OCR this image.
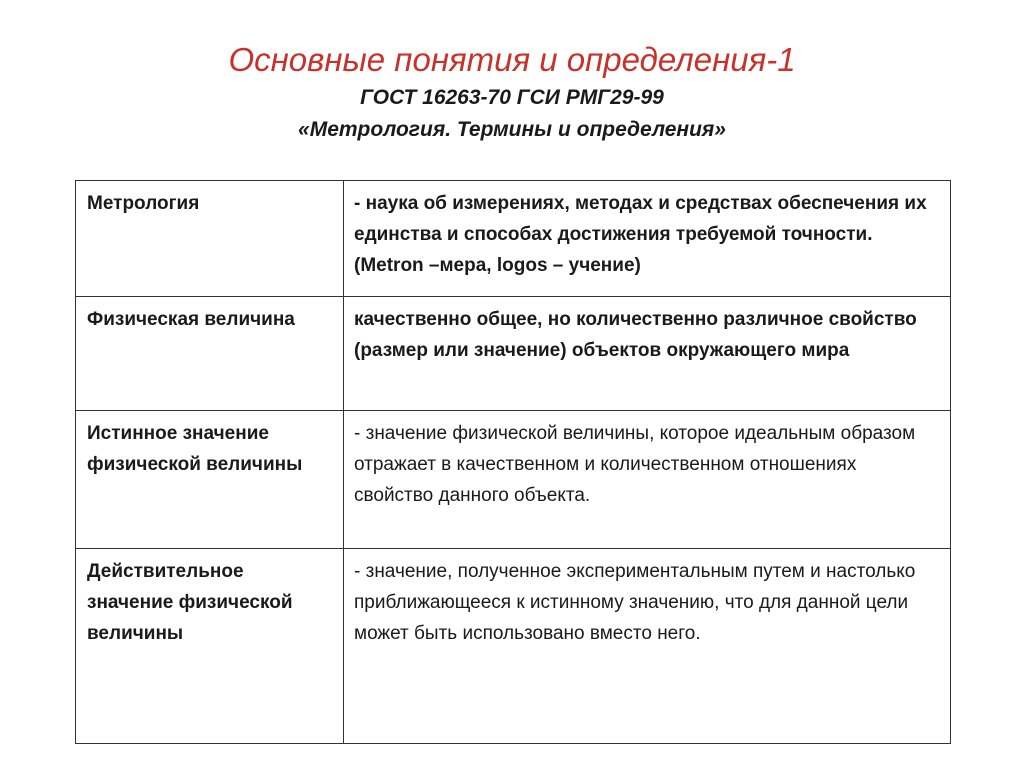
Основные понятия и определения-1

ГОСТ 16263-70 ГСИ РМГ29-99

«Метрология. Термины и определения»

Метрология	- наука об измерениях, методах и средствах обеспечения их единства и способах достижения требуемой точности. (Metron –мера, logos – учение)
Физическая величина	качественно общее, но количественно различное свойство (размер или значение) объектов окружающего мира
Истинное значение физической величины	- значение физической величины, которое идеальным образом отражает в качественном и количественном отношениях свойство данного объекта.
Действительное значение физической величины	- значение, полученное экспериментальным путем и настолько приближающееся к истинному значению, что для данной цели может быть использовано вместо него.
